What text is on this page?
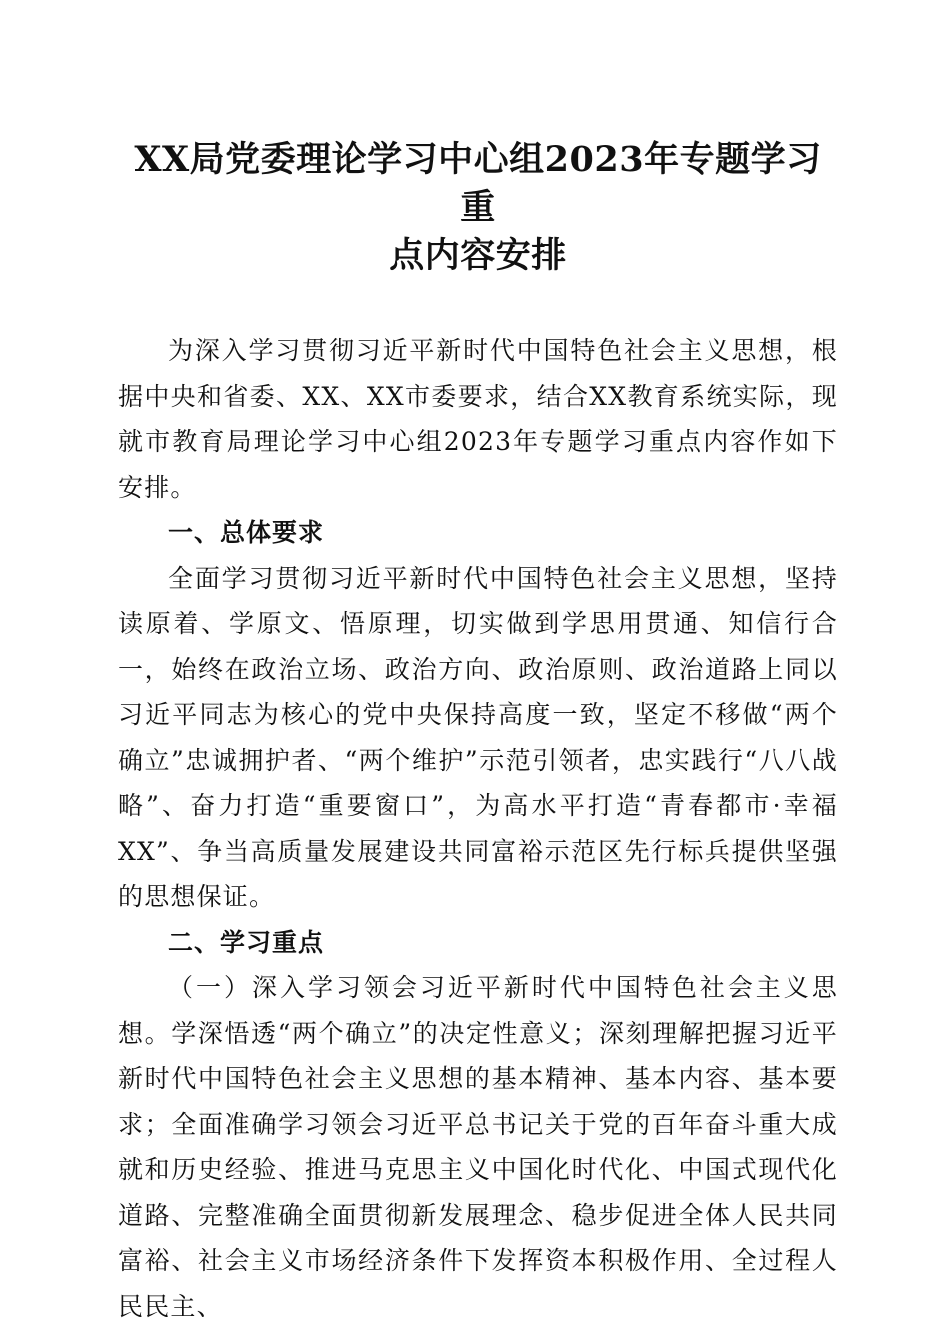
XX局党委理论学习中心组2023年专题学习重
点内容安排

为深入学习贯彻习近平新时代中国特色社会主义思想，根据中央和省委、XX、XX市委要求，结合XX教育系统实际，现就市教育局理论学习中心组2023年专题学习重点内容作如下安排。

一、总体要求

全面学习贯彻习近平新时代中国特色社会主义思想，坚持读原着、学原文、悟原理，切实做到学思用贯通、知信行合一，始终在政治立场、政治方向、政治原则、政治道路上同以习近平同志为核心的党中央保持高度一致，坚定不移做“两个确立”忠诚拥护者、“两个维护”示范引领者，忠实践行“八八战略”、奋力打造“重要窗口”，为高水平打造“青春都市·幸福XX”、争当高质量发展建设共同富裕示范区先行标兵提供坚强的思想保证。

二、学习重点

（一）深入学习领会习近平新时代中国特色社会主义思想。学深悟透“两个确立”的决定性意义；深刻理解把握习近平新时代中国特色社会主义思想的基本精神、基本内容、基本要求；全面准确学习领会习近平总书记关于党的百年奋斗重大成就和历史经验、推进马克思主义中国化时代化、中国式现代化道路、完整准确全面贯彻新发展理念、稳步促进全体人民共同富裕、社会主义市场经济条件下发挥资本积极作用、全过程人民民主、
